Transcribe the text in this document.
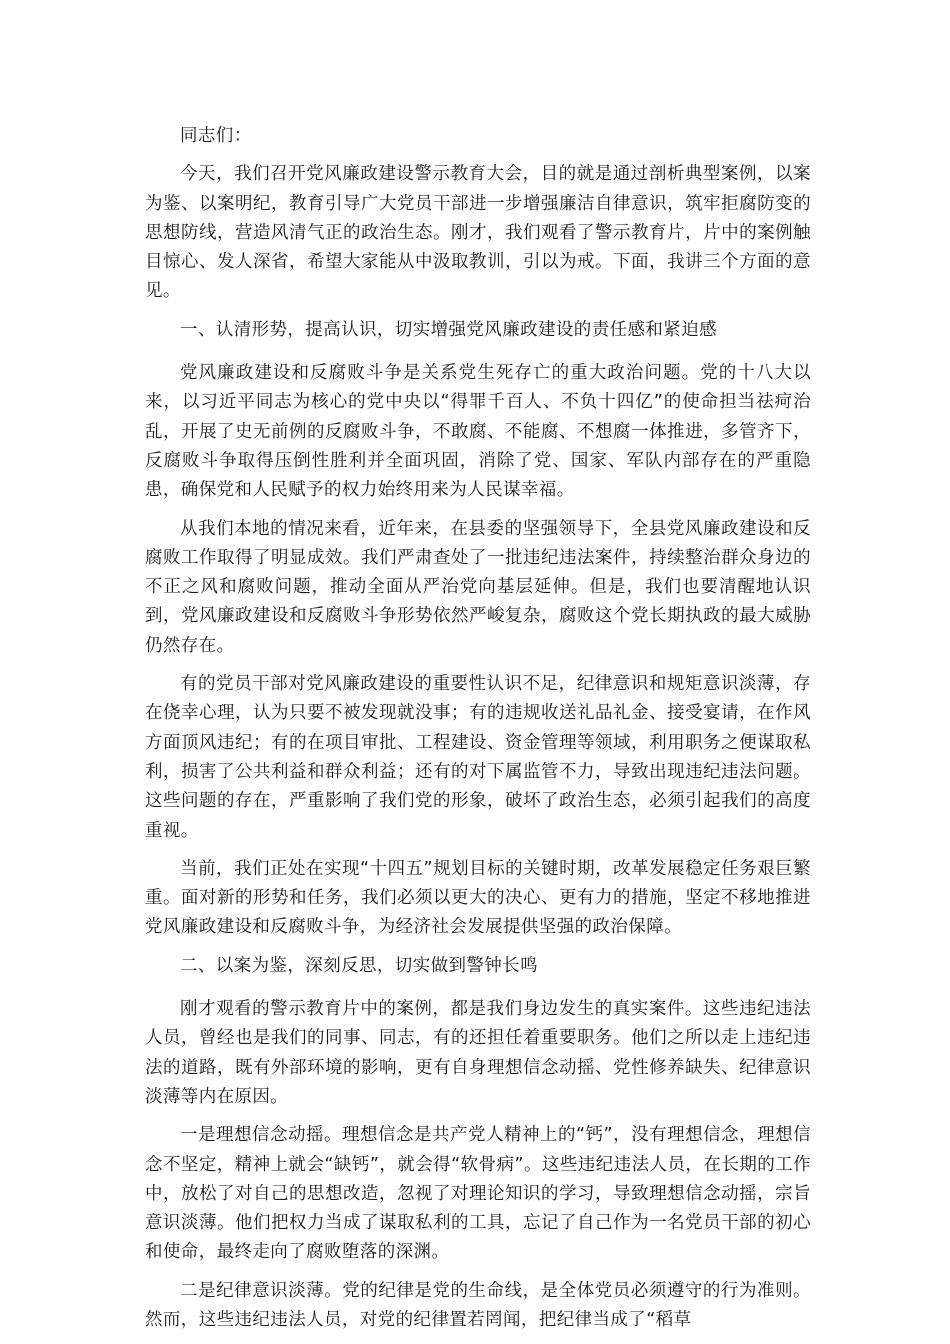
同志们：

今天，我们召开党风廉政建设警示教育大会，目的就是通过剖析典型案例，以案为鉴、以案明纪，教育引导广大党员干部进一步增强廉洁自律意识，筑牢拒腐防变的思想防线，营造风清气正的政治生态。刚才，我们观看了警示教育片，片中的案例触目惊心、发人深省，希望大家能从中汲取教训，引以为戒。下面，我讲三个方面的意见。

一、认清形势，提高认识，切实增强党风廉政建设的责任感和紧迫感

党风廉政建设和反腐败斗争是关系党生死存亡的重大政治问题。党的十八大以来，以习近平同志为核心的党中央以“得罪千百人、不负十四亿”的使命担当祛疴治乱，开展了史无前例的反腐败斗争，不敢腐、不能腐、不想腐一体推进，多管齐下，反腐败斗争取得压倒性胜利并全面巩固，消除了党、国家、军队内部存在的严重隐患，确保党和人民赋予的权力始终用来为人民谋幸福。

从我们本地的情况来看，近年来，在县委的坚强领导下，全县党风廉政建设和反腐败工作取得了明显成效。我们严肃查处了一批违纪违法案件，持续整治群众身边的不正之风和腐败问题，推动全面从严治党向基层延伸。但是，我们也要清醒地认识到，党风廉政建设和反腐败斗争形势依然严峻复杂，腐败这个党长期执政的最大威胁仍然存在。

有的党员干部对党风廉政建设的重要性认识不足，纪律意识和规矩意识淡薄，存在侥幸心理，认为只要不被发现就没事；有的违规收送礼品礼金、接受宴请，在作风方面顶风违纪；有的在项目审批、工程建设、资金管理等领域，利用职务之便谋取私利，损害了公共利益和群众利益；还有的对下属监管不力，导致出现违纪违法问题。这些问题的存在，严重影响了我们党的形象，破坏了政治生态，必须引起我们的高度重视。

当前，我们正处在实现“十四五”规划目标的关键时期，改革发展稳定任务艰巨繁重。面对新的形势和任务，我们必须以更大的决心、更有力的措施，坚定不移地推进党风廉政建设和反腐败斗争，为经济社会发展提供坚强的政治保障。

二、以案为鉴，深刻反思，切实做到警钟长鸣

刚才观看的警示教育片中的案例，都是我们身边发生的真实案件。这些违纪违法人员，曾经也是我们的同事、同志，有的还担任着重要职务。他们之所以走上违纪违法的道路，既有外部环境的影响，更有自身理想信念动摇、党性修养缺失、纪律意识淡薄等内在原因。

一是理想信念动摇。理想信念是共产党人精神上的“钙”，没有理想信念，理想信念不坚定，精神上就会“缺钙”，就会得“软骨病”。这些违纪违法人员，在长期的工作中，放松了对自己的思想改造，忽视了对理论知识的学习，导致理想信念动摇，宗旨意识淡薄。他们把权力当成了谋取私利的工具，忘记了自己作为一名党员干部的初心和使命，最终走向了腐败堕落的深渊。

二是纪律意识淡薄。党的纪律是党的生命线，是全体党员必须遵守的行为准则。然而，这些违纪违法人员，对党的纪律置若罔闻，把纪律当成了“稻草
